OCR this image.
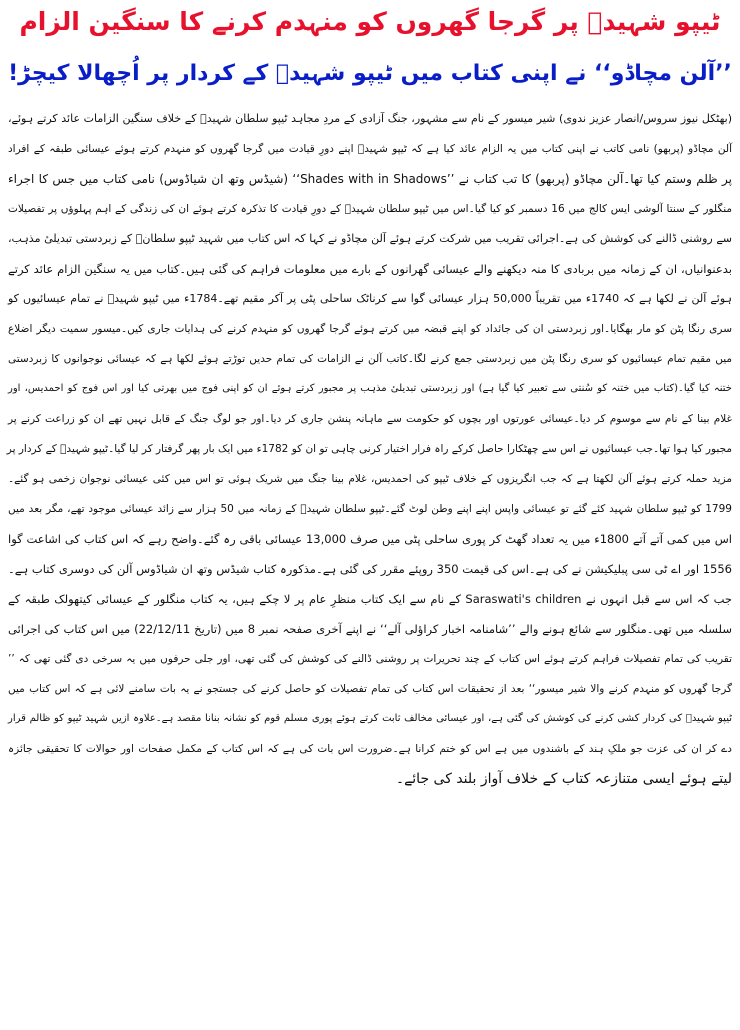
ٹیپو شہیدؒ پر گرجا گھروں کو منہدم کرنے کا سنگین الزام
’’آلن مچاڈو‘‘ نے اپنی کتاب میں ٹیپو شہیدؒ کے کردار پر اُچھالا کیچڑ!
(بھٹکل نیوز سروس/انصار عزیز ندوی) شیر میسور کے نام سے مشہور، جنگ آزادی کے مردِ مجاہد ٹیپو سلطان شہیدؒ کے خلاف سنگین الزامات عائد کرتے ہوئے،
آلن مچاڈو (پربھو) نامی کاتب نے اپنی کتاب میں یہ الزام عائد کیا ہے کہ ٹیپو شہیدؒ اپنے دورِ قیادت میں گرجا گھروں کو منہدم کرتے ہوئے عیسائی طبقہ کے افراد
پر ظلم وستم کیا تھا۔آلن مچاڈو (پربھو) کا تب کتاب نے ’’Shades with in Shadows‘‘ (شیڈس وتھ ان شیاڈوس) نامی کتاب میں جس کا اجراء
منگلور کے سنتا آلوشی ایس کالج میں 16 دسمبر کو کیا گیا۔اس میں ٹیپو سلطان شہیدؒ کے دورِ قیادت کا تذکرہ کرتے ہوئے ان کی زندگی کے اہم پہلوؤں پر تفصیلات
سے روشنی ڈالنے کی کوشش کی ہے۔اجرائی تقریب میں شرکت کرتے ہوئے آلن مچاڈو نے کہا کہ اس کتاب میں شہید ٹیپو سلطانؒ کے زبردستی تبدیلیٔ مذہب،
بدعنوانیاں، ان کے زمانہ میں بربادی کا منہ دیکھنے والے عیسائی گھرانوں کے بارے میں معلومات فراہم کی گئی ہیں۔کتاب میں یہ سنگین الزام عائد کرتے
ہوئے آلن نے لکھا ہے کہ 1740ء میں تقریباً 50,000 ہزار عیسائی گوا سے کرناٹک ساحلی پٹی پر آکر مقیم تھے۔1784ء میں ٹیپو شہیدؒ نے تمام عیسائیوں کو
سری رنگا پٹن کو مار بھگایا۔اور زبردستی ان کی جائداد کو اپنے قبضہ میں کرتے ہوئے گرجا گھروں کو منہدم کرنے کی ہدایات جاری کیں۔میسور سمیت دیگر اضلاع
میں مقیم تمام عیسائیوں کو سری رنگا پٹن میں زبردستی جمع کرنے لگا۔کاتب آلن نے الزامات کی تمام حدیں توڑتے ہوئے لکھا ہے کہ عیسائی نوجوانوں کا زبردستی
ختنہ کیا گیا۔(کتاب میں ختنہ کو سُنتی سے تعبیر کیا گیا ہے) اور زبردستی تبدیلیٔ مذہب پر مجبور کرتے ہوئے ان کو اپنی فوج میں بھرتی کیا اور اس فوج کو احمدیس، اور
غلام بینا کے نام سے موسوم کر دیا۔عیسائی عورتوں اور بچوں کو حکومت سے ماہانہ پنشن جاری کر دیا۔اور جو لوگ جنگ کے قابل نہیں تھے ان کو زراعت کرنے پر
مجبور کیا ہوا تھا۔جب عیسائیوں نے اس سے چھٹکارا حاصل کرکے راہ فرار اختیار کرنی چاہی تو ان کو 1782ء میں ایک بار پھر گرفتار کر لیا گیا۔ٹیپو شہیدؒ کے کردار پر
مزید حملہ کرتے ہوئے آلن لکھتا ہے کہ جب انگریزوں کے خلاف ٹیپو کی احمدیس، غلام بینا جنگ میں شریک ہوئی تو اس میں کئی عیسائی نوجوان زخمی ہو گئے۔
1799 کو ٹیپو سلطان شہید کئے گئے تو عیسائی واپس اپنے اپنے وطن لوٹ گئے۔ٹیپو سلطان شہیدؒ کے زمانہ میں 50 ہزار سے زائد عیسائی موجود تھے، مگر بعد میں
اس میں کمی آتے آتے 1800ء میں یہ تعداد گھٹ کر پوری ساحلی پٹی میں صرف 13,000 عیسائی باقی رہ گئے۔واضح رہے کہ اس کتاب کی اشاعت گوا
1556 اور اے ٹی سی پبلیکیشن نے کی ہے۔اس کی قیمت 350 روپئے مقرر کی گئی ہے۔مذکورہ کتاب شیڈس وتھ ان شیاڈوس آلن کی دوسری کتاب ہے۔
جب کہ اس سے قبل انہوں نے Saraswati's children کے نام سے ایک کتاب منظرِ عام پر لا چکے ہیں، یہ کتاب منگلور کے عیسائی کیتھولک طبقہ کے
سلسلہ میں تھی۔منگلور سے شائع ہونے والے ’’شامنامہ اخبار کراؤلی آلے‘‘ نے اپنے آخری صفحہ نمبر 8 میں (تاریخ 22/12/11) میں اس کتاب کی اجرائی
تقریب کی تمام تفصیلات فراہم کرتے ہوئے اس کتاب کے چند تحریرات پر روشنی ڈالنے کی کوشش کی گئی تھی، اور جلی حرفوں میں یہ سرخی دی گئی تھی کہ ’’
گرجا گھروں کو منہدم کرنے والا شیر میسور‘‘ بعد از تحقیقات اس کتاب کی تمام تفصیلات کو حاصل کرنے کی جستجو نے یہ بات سامنے لائی ہے کہ اس کتاب میں
ٹیپو شہیدؒ کی کردار کشی کرنے کی کوشش کی گئی ہے، اور عیسائی مخالف ثابت کرتے ہوئے پوری مسلم قوم کو نشانہ بنانا مقصد ہے۔علاوہ ازیں شہید ٹیپو کو ظالم قرار
دے کر ان کی عزت جو ملکِ ہند کے باشندوں میں ہے اس کو ختم کرانا ہے۔ضرورت اس بات کی ہے کہ اس کتاب کے مکمل صفحات اور حوالات کا تحقیقی جائزہ
لیتے ہوئے ایسی متنازعہ کتاب کے خلاف آواز بلند کی جائے۔
